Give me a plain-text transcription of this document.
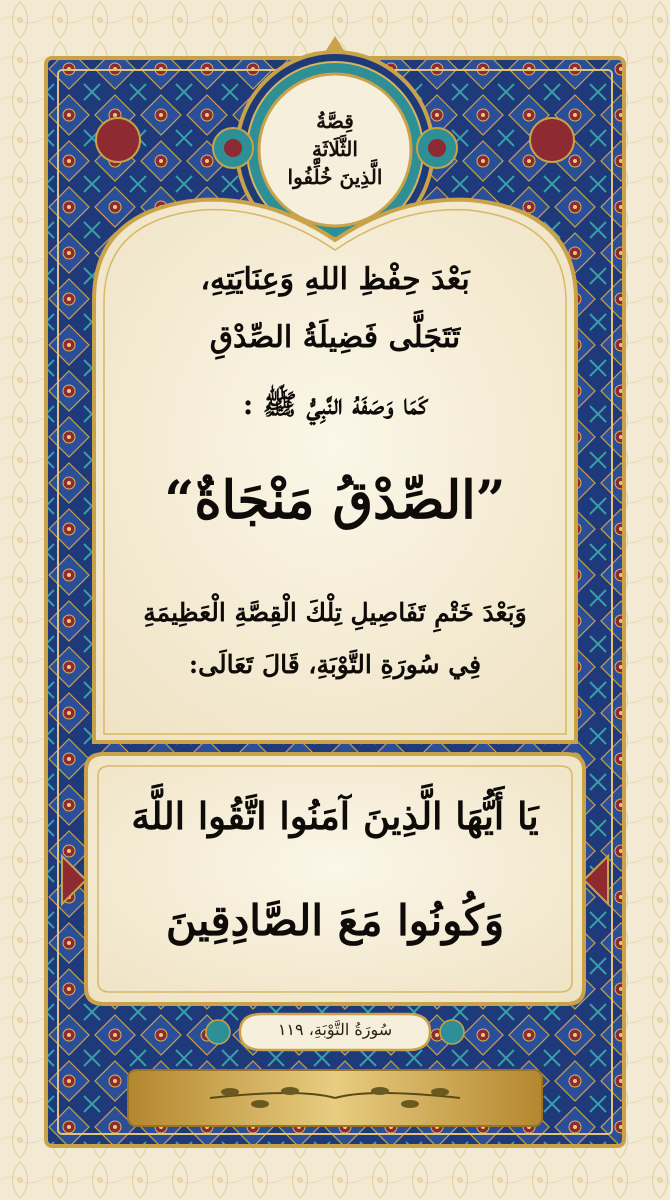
قِصَّةُ
الثَّلَاثَةِ
الَّذِينَ خُلِّفُوا
بَعْدَ حِفْظِ اللهِ وَعِنَايَتِهِ،
تَتَجَلَّى فَضِيلَةُ الصِّدْقِ
كَمَا وَصَفَهُ النَّبِيُّ ﷺ :
”الصِّدْقُ مَنْجَاةٌ“
وَبَعْدَ خَتْمِ تَفَاصِيلِ تِلْكَ الْقِصَّةِ الْعَظِيمَةِ
فِي سُورَةِ التَّوْبَةِ، قَالَ تَعَالَى:
يَا أَيُّهَا الَّذِينَ آمَنُوا اتَّقُوا اللَّهَ
وَكُونُوا مَعَ الصَّادِقِينَ
سُورَةُ التَّوْبَةِ، ١١٩
